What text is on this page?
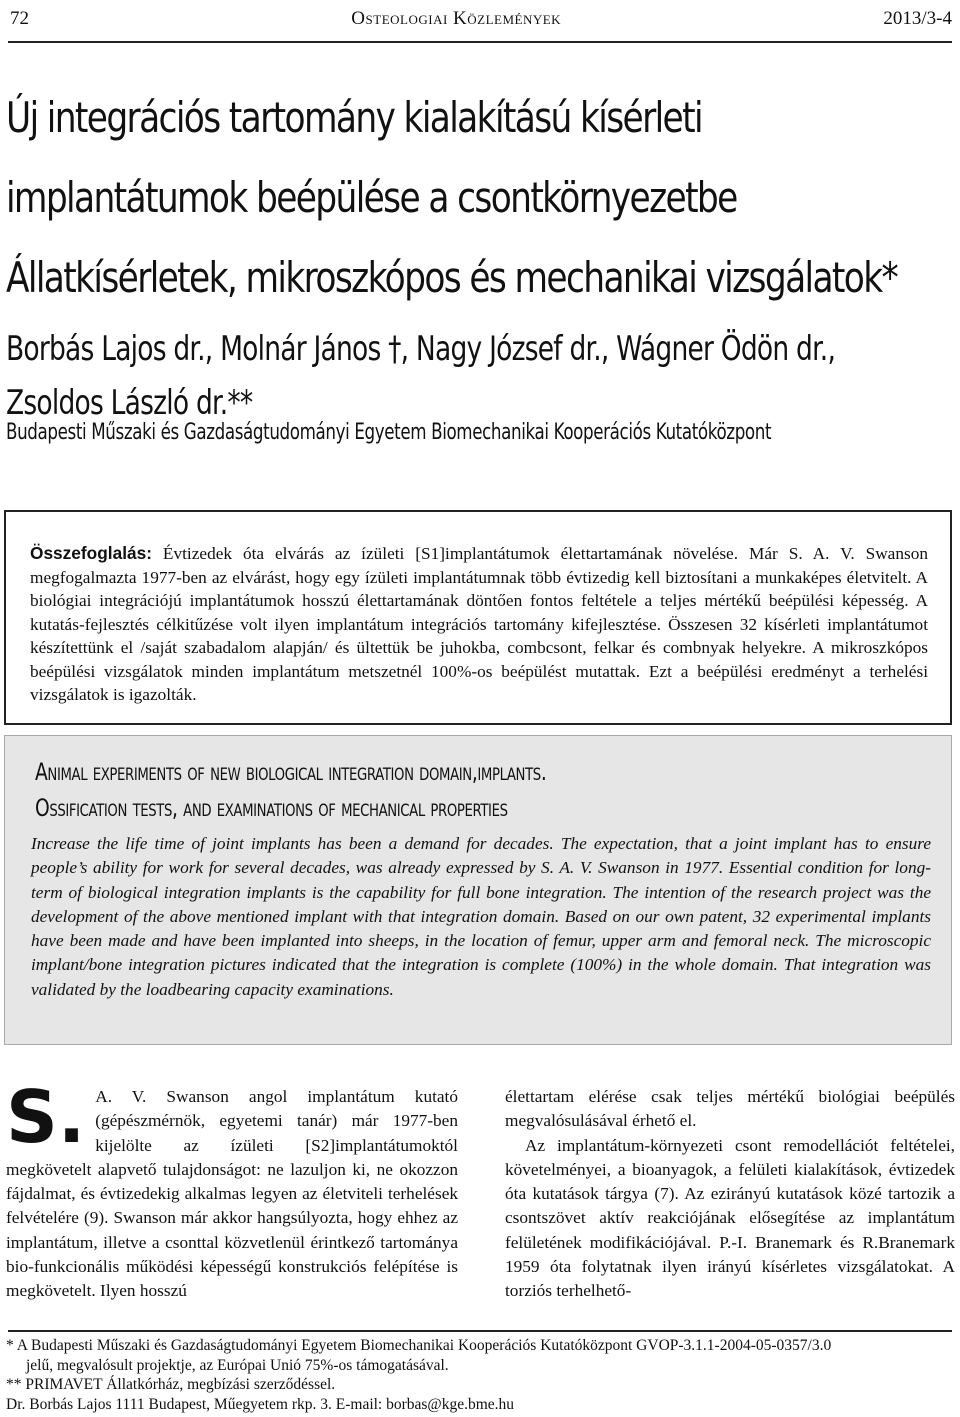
72	Osteologiai Közlemények	2013/3-4
Új integrációs tartomány kialakítású kísérleti
implantátumok beépülése a csontkörnyezetbe
Állatkísérletek, mikroszkópos és mechanikai vizsgálatok*
Borbás Lajos dr., Molnár János †, Nagy József dr., Wágner Ödön dr.,
Zsoldos László dr.**
Budapesti Műszaki és Gazdaságtudományi Egyetem Biomechanikai Kooperációs Kutatóközpont
Összefoglalás: Évtizedek óta elvárás az ízületi [S1]implantátumok élettartamának növelése. Már S. A. V. Swanson megfogalmazta 1977-ben az elvárást, hogy egy ízületi implantátumnak több évtizedig kell biztosítani a munkaképes életvitelt. A biológiai integrációjú implantátumok hosszú élettartamának döntően fontos feltétele a teljes mértékű beépülési képesség. A kutatás-fejlesztés célkitűzése volt ilyen implantátum integrációs tartomány kifejlesztése. Összesen 32 kísérleti implantátumot készítettünk el /saját szabadalom alapján/ és ültettük be juhokba, combcsont, felkar és combnyak helyekre. A mikroszkópos beépülési vizsgálatok minden implantátum metszetnél 100%-os beépülést mutattak. Ezt a beépülési eredményt a terhelési vizsgálatok is igazolták.
Animal experiments of new biological integration domain,implants.
Ossification tests, and examinations of mechanical properties
Increase the life time of joint implants has been a demand for decades. The expectation, that a joint implant has to ensure people’s ability for work for several decades, was already expressed by S. A. V. Swanson in 1977. Essential condition for long-term of biological integration implants is the capability for full bone integration. The intention of the research project was the development of the above mentioned implant with that integration domain. Based on our own patent, 32 experimental implants have been made and have been implanted into sheeps, in the location of femur, upper arm and femoral neck. The microscopic implant/bone integration pictures indicated that the integration is complete (100%) in the whole domain. That integration was validated by the loadbearing capacity examinations.
S. A. V. Swanson angol implantátum kutató (gépészmérnök, egyetemi tanár) már 1977-ben kijelölte az ízületi [S2]implantátumoktól megkövetelt alapvető tulajdonságot: ne lazuljon ki, ne okozzon fájdalmat, és évtizedekig alkalmas legyen az életviteli terhelések felvételére (9). Swanson már akkor hangsúlyozta, hogy ehhez az implantátum, illetve a csonttal közvetlenül érintkező tartománya bio-funkcionális működési képességű konstrukciós felépítése is megkövetelt. Ilyen hosszú

élettartam elérése csak teljes mértékű biológiai beépülés megvalósulásával érhető el.

Az implantátum-környezeti csont remodellációt feltételei, követelményei, a bioanyagok, a felületi kialakítások, évtizedek óta kutatások tárgya (7). Az ezirányú kutatások közé tartozik a csontszövet aktív reakciójának elősegítése az implantátum felületének modifikációjával. P.-I. Branemark és R.Branemark 1959 óta folytatnak ilyen irányú kísérletes vizsgálatokat. A torziós terhelhető-

* A Budapesti Műszaki és Gazdaságtudományi Egyetem Biomechanikai Kooperációs Kutatóközpont GVOP-3.1.1-2004-05-0357/3.0
jelű, megvalósult projektje, az Európai Unió 75%-os támogatásával.
** PRIMAVET Állatkórház, megbízási szerződéssel.
Dr. Borbás Lajos 1111 Budapest, Műegyetem rkp. 3. E-mail: borbas@kge.bme.hu
